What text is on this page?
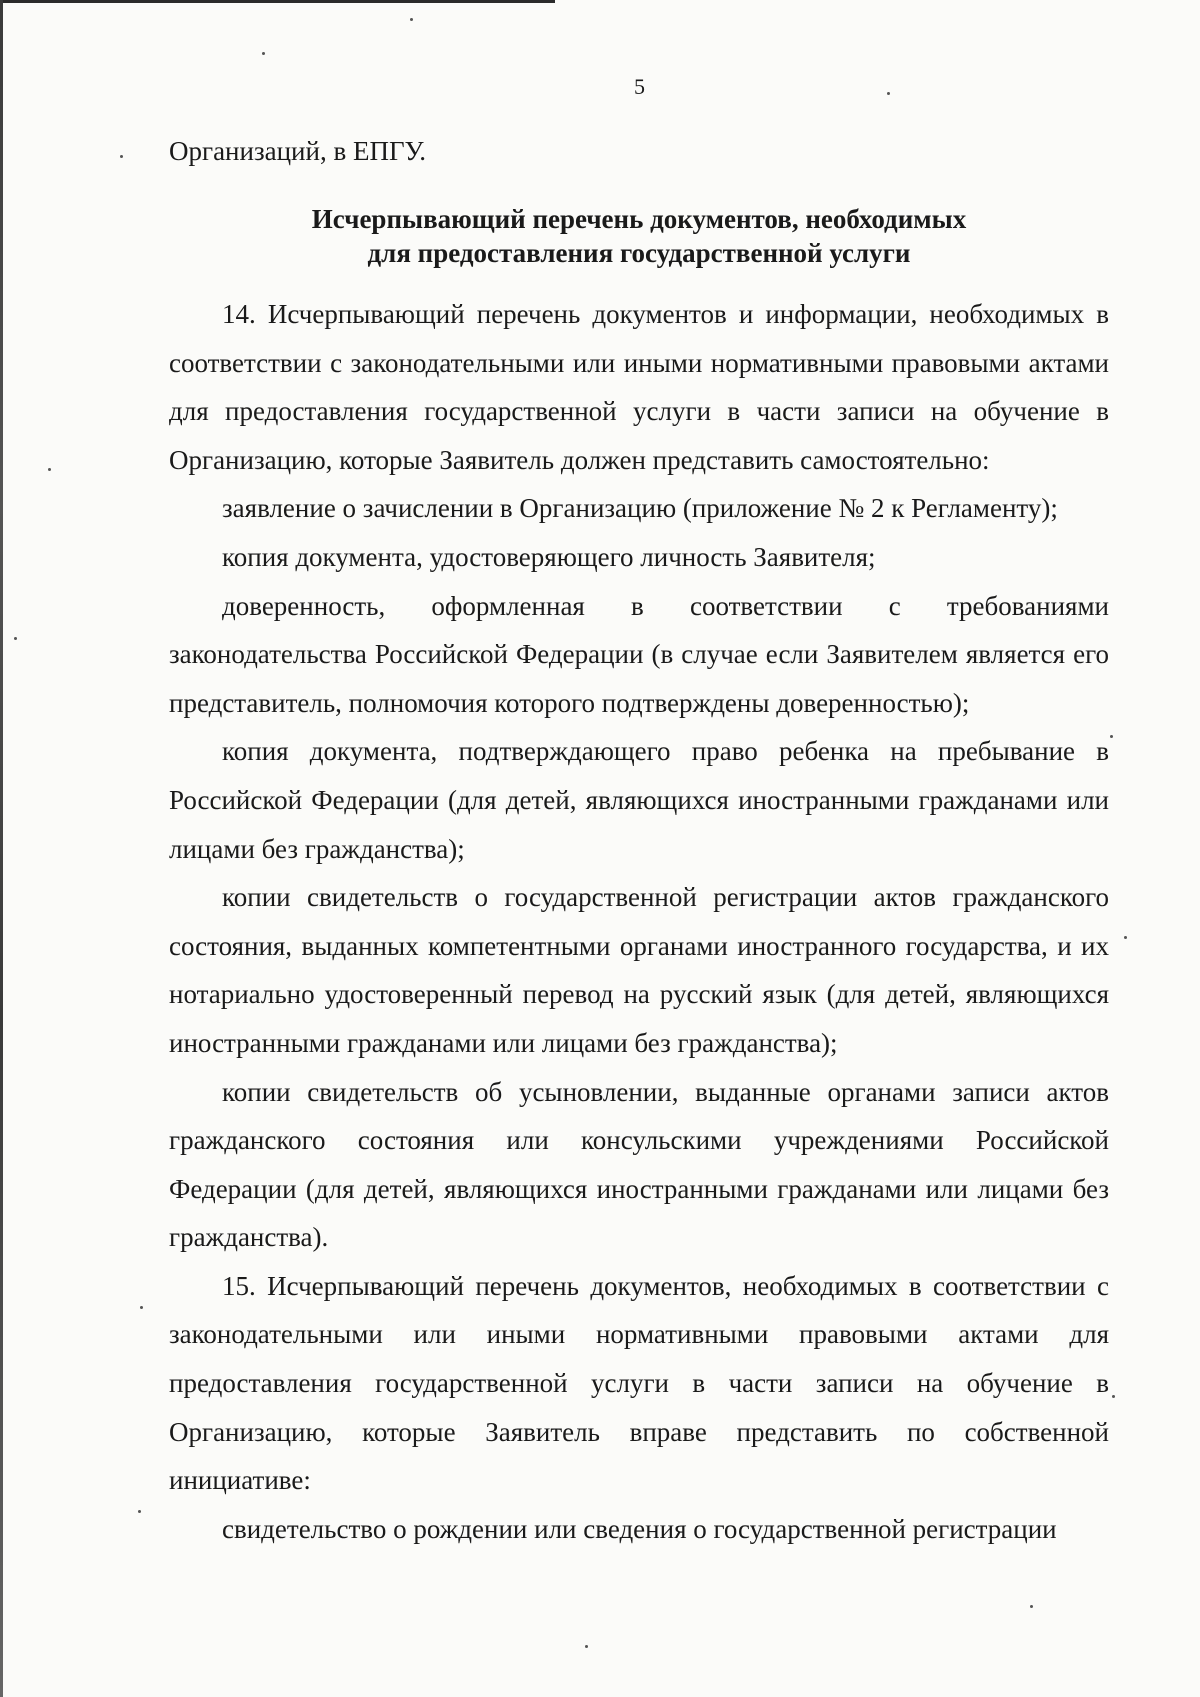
5
Организаций, в ЕПГУ.
Исчерпывающий перечень документов, необходимых
для предоставления государственной услуги
14. Исчерпывающий перечень документов и информации, необходимых в соответствии с законодательными или иными нормативными правовыми актами для предоставления государственной услуги в части записи на обучение в Организацию, которые Заявитель должен представить самостоятельно:
заявление о зачислении в Организацию (приложение № 2 к Регламенту);
копия документа, удостоверяющего личность Заявителя;
доверенность, оформленная в соответствии с требованиями законодательства Российской Федерации (в случае если Заявителем является его представитель, полномочия которого подтверждены доверенностью);
копия документа, подтверждающего право ребенка на пребывание в Российской Федерации (для детей, являющихся иностранными гражданами или лицами без гражданства);
копии свидетельств о государственной регистрации актов гражданского состояния, выданных компетентными органами иностранного государства, и их нотариально удостоверенный перевод на русский язык (для детей, являющихся иностранными гражданами или лицами без гражданства);
копии свидетельств об усыновлении, выданные органами записи актов гражданского состояния или консульскими учреждениями Российской Федерации (для детей, являющихся иностранными гражданами или лицами без гражданства).
15. Исчерпывающий перечень документов, необходимых в соответствии с законодательными или иными нормативными правовыми актами для предоставления государственной услуги в части записи на обучение в Организацию, которые Заявитель вправе представить по собственной инициативе:
свидетельство о рождении или сведения о государственной регистрации
